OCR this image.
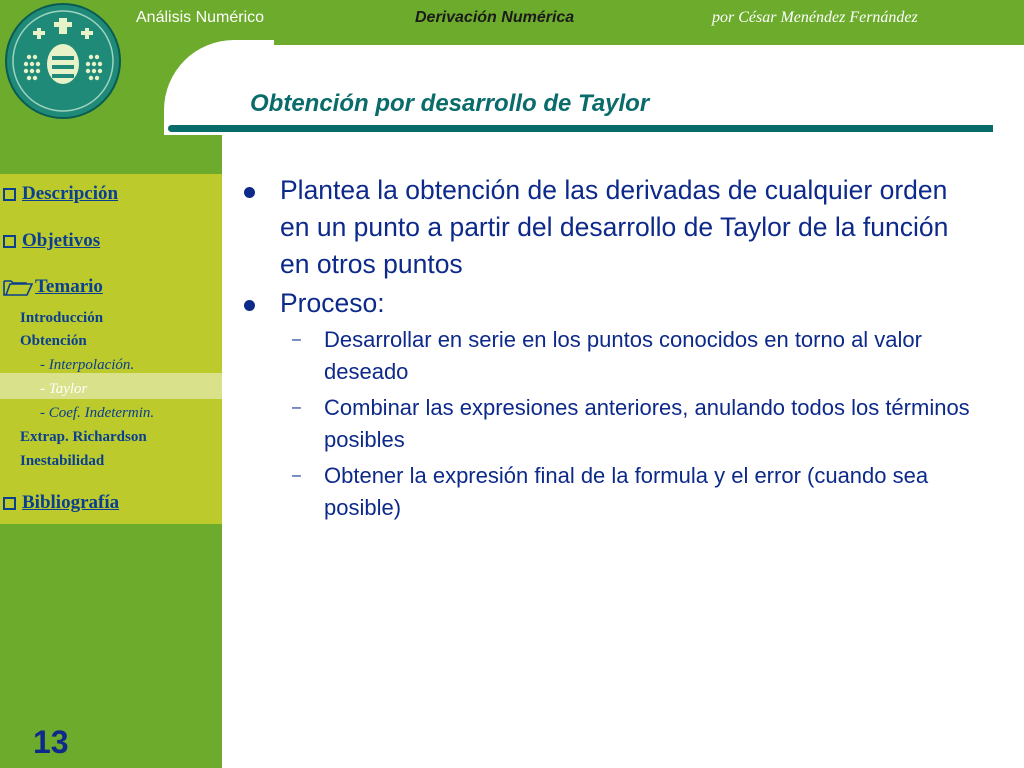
Análisis Numérico	Derivación Numérica	por César Menéndez Fernández
Obtención por desarrollo de Taylor
Descripción
Objetivos
Temario
Introducción
Obtención
- Interpolación.
- Taylor
- Coef. Indetermin.
Extrap. Richardson
Inestabilidad
Bibliografía
Plantea la obtención de las derivadas de cualquier orden en un punto a partir del desarrollo de Taylor de la función en otros puntos
Proceso:
– Desarrollar en serie en los puntos conocidos en torno al valor deseado
– Combinar las expresiones anteriores, anulando todos los términos posibles
– Obtener la expresión final de la formula y el error (cuando sea posible)
13
